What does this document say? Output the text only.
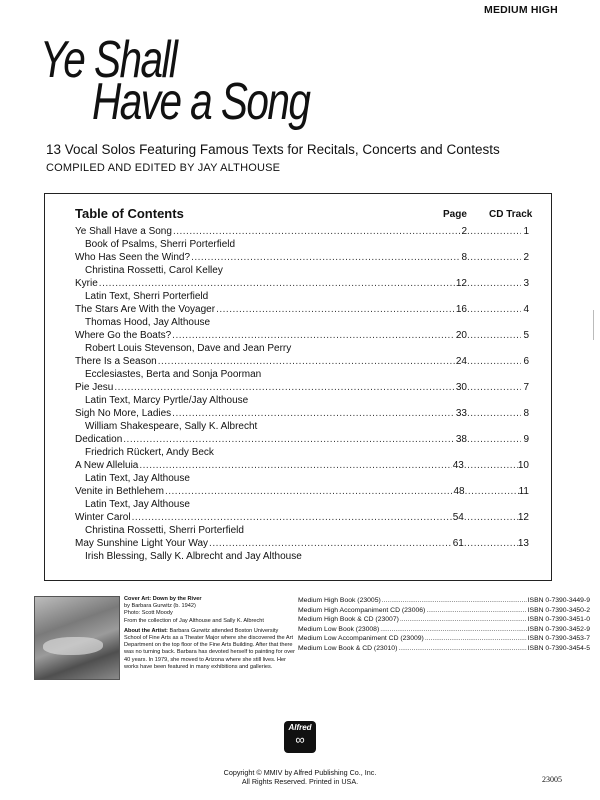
MEDIUM HIGH
Ye Shall
Have a Song
13 Vocal Solos Featuring Famous Texts for Recitals, Concerts and Contests
COMPILED AND EDITED BY JAY ALTHOUSE
Table of Contents	Page CD Track
Ye Shall Have a Song .....	2 .....	1
Book of Psalms, Sherri Porterfield
Who Has Seen the Wind? .....	8 .....	2
Christina Rossetti, Carol Kelley
Kyrie .....	12 .....	3
Latin Text, Sherri Porterfield
The Stars Are With the Voyager .....	16 .....	4
Thomas Hood, Jay Althouse
Where Go the Boats? .....	20 .....	5
Robert Louis Stevenson, Dave and Jean Perry
There Is a Season .....	24 .....	6
Ecclesiastes, Berta and Sonja Poorman
Pie Jesu .....	30 .....	7
Latin Text, Marcy Pyrtle/Jay Althouse
Sigh No More, Ladies .....	33 .....	8
William Shakespeare, Sally K. Albrecht
Dedication .....	38 .....	9
Friedrich Rückert, Andy Beck
A New Alleluia .....	43 .....	10
Latin Text, Jay Althouse
Venite in Bethlehem .....	48 .....	11
Latin Text, Jay Althouse
Winter Carol .....	54 .....	12
Christina Rossetti, Sherri Porterfield
May Sunshine Light Your Way .....	61 .....	13
Irish Blessing, Sally K. Albrecht and Jay Althouse

Cover Art: Down by the River

by Barbara Gurwitz (b. 1942)

Photo: Scott Moody

From the collection of Jay Althouse and Sally K. Albrecht

About the Artist: Barbara Gurwitz attended Boston University School of Fine Arts as a Theater Major where she discovered the Art Department on the top floor of the Fine Arts Building. After that there was no turning back. Barbara has devoted herself to painting for over 40 years. In 1979, she moved to Arizona where she still lives. Her works have been featured in many exhibitions and galleries.

Medium High Book (23005) .....	ISBN 0-7390-3449-9
Medium High Accompaniment CD (23006) .....	ISBN 0-7390-3450-2
Medium High Book & CD (23007) .....	ISBN 0-7390-3451-0
Medium Low Book (23008) .....	ISBN 0-7390-3452-9
Medium Low Accompaniment CD (23009) .....	ISBN 0-7390-3453-7
Medium Low Book & CD (23010) .....	ISBN 0-7390-3454-5
Alfred
∞
Copyright © MMIV by Alfred Publishing Co., Inc.
All Rights Reserved. Printed in USA.	23005
